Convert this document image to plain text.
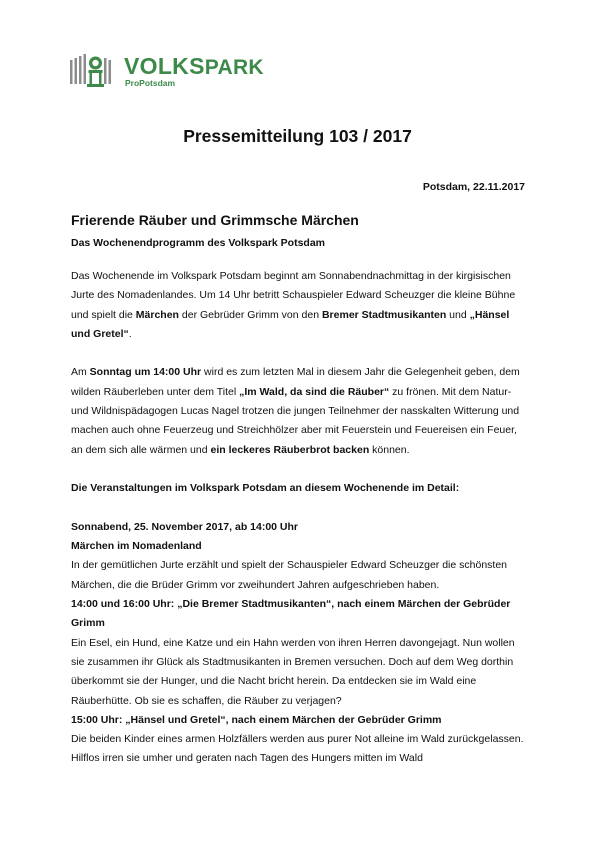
VOLKSPARK
ProPotsdam
Pressemitteilung 103 / 2017
Potsdam, 22.11.2017
Frierende Räuber und Grimmsche Märchen
Das Wochenendprogramm des Volkspark Potsdam

Das Wochenende im Volkspark Potsdam beginnt am Sonnabendnachmittag in der kirgisischen Jurte des Nomadenlandes. Um 14 Uhr betritt Schauspieler Edward Scheuzger die kleine Bühne und spielt die Märchen der Gebrüder Grimm von den Bremer Stadtmusikanten und „Hänsel und Gretel“.

Am Sonntag um 14:00 Uhr wird es zum letzten Mal in diesem Jahr die Gelegenheit geben, dem wilden Räuberleben unter dem Titel „Im Wald, da sind die Räuber“ zu frönen. Mit dem Natur- und Wildnispädagogen Lucas Nagel trotzen die jungen Teilnehmer der nasskalten Witterung und machen auch ohne Feuerzeug und Streichhölzer aber mit Feuerstein und Feuereisen ein Feuer, an dem sich alle wärmen und ein leckeres Räuberbrot backen können.

Die Veranstaltungen im Volkspark Potsdam an diesem Wochenende im Detail:

Sonnabend, 25. November 2017, ab 14:00 Uhr

Märchen im Nomadenland

In der gemütlichen Jurte erzählt und spielt der Schauspieler Edward Scheuzger die schönsten Märchen, die die Brüder Grimm vor zweihundert Jahren aufgeschrieben haben.

14:00 und 16:00 Uhr: „Die Bremer Stadtmusikanten“, nach einem Märchen der Gebrüder Grimm

Ein Esel, ein Hund, eine Katze und ein Hahn werden von ihren Herren davongejagt. Nun wollen sie zusammen ihr Glück als Stadtmusikanten in Bremen versuchen. Doch auf dem Weg dorthin überkommt sie der Hunger, und die Nacht bricht herein. Da entdecken sie im Wald eine Räuberhütte. Ob sie es schaffen, die Räuber zu verjagen?

15:00 Uhr: „Hänsel und Gretel“, nach einem Märchen der Gebrüder Grimm

Die beiden Kinder eines armen Holzfällers werden aus purer Not alleine im Wald zurückgelassen. Hilflos irren sie umher und geraten nach Tagen des Hungers mitten im Wald
